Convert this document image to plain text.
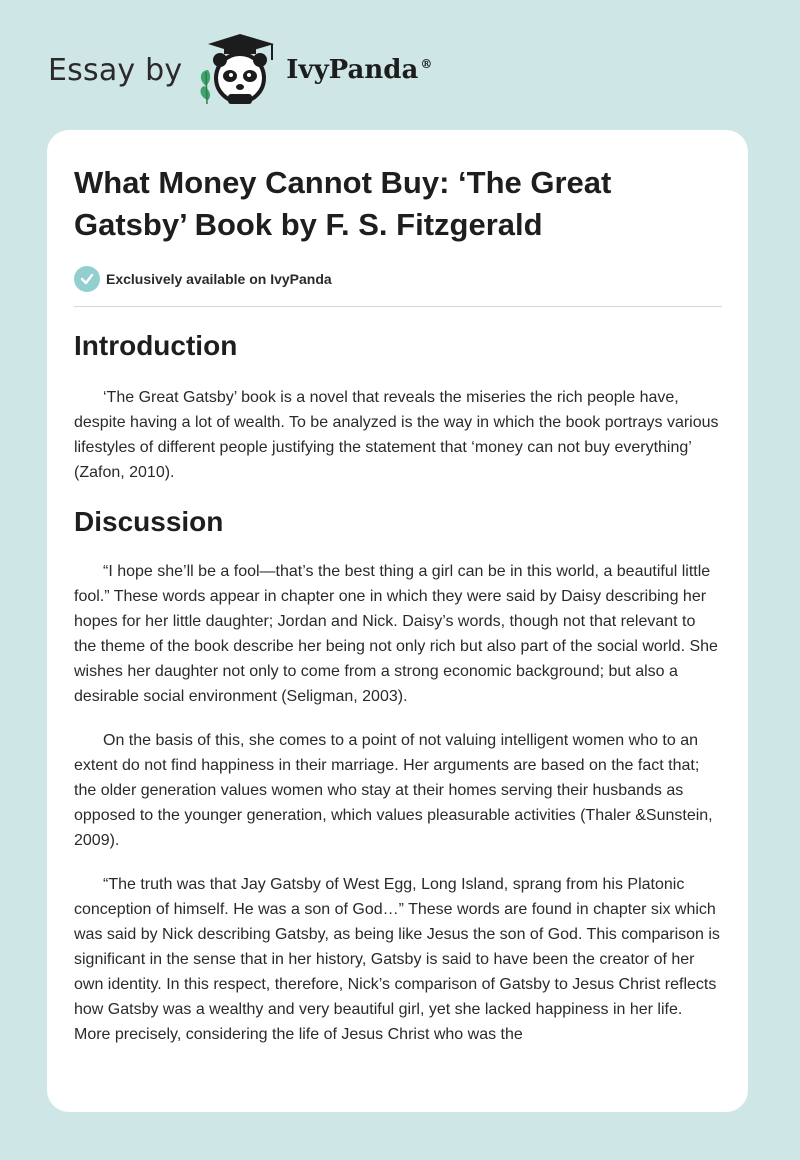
Essay by	IvyPanda ®
What Money Cannot Buy: ‘The Great Gatsby’ Book by F. S. Fitzgerald
Exclusively available on IvyPanda
Introduction

‘The Great Gatsby’ book is a novel that reveals the miseries the rich people have, despite having a lot of wealth. To be analyzed is the way in which the book portrays various lifestyles of different people justifying the statement that ‘money can not buy everything’ (Zafon, 2010).

Discussion

“I hope she’ll be a fool—that’s the best thing a girl can be in this world, a beautiful little fool.” These words appear in chapter one in which they were said by Daisy describing her hopes for her little daughter; Jordan and Nick. Daisy’s words, though not that relevant to the theme of the book describe her being not only rich but also part of the social world. She wishes her daughter not only to come from a strong economic background; but also a desirable social environment (Seligman, 2003).

On the basis of this, she comes to a point of not valuing intelligent women who to an extent do not find happiness in their marriage. Her arguments are based on the fact that; the older generation values women who stay at their homes serving their husbands as opposed to the younger generation, which values pleasurable activities (Thaler &Sunstein, 2009).

“The truth was that Jay Gatsby of West Egg, Long Island, sprang from his Platonic conception of himself. He was a son of God…” These words are found in chapter six which was said by Nick describing Gatsby, as being like Jesus the son of God. This comparison is significant in the sense that in her history, Gatsby is said to have been the creator of her own identity. In this respect, therefore, Nick’s comparison of Gatsby to Jesus Christ reflects how Gatsby was a wealthy and very beautiful girl, yet she lacked happiness in her life. More precisely, considering the life of Jesus Christ who was the
